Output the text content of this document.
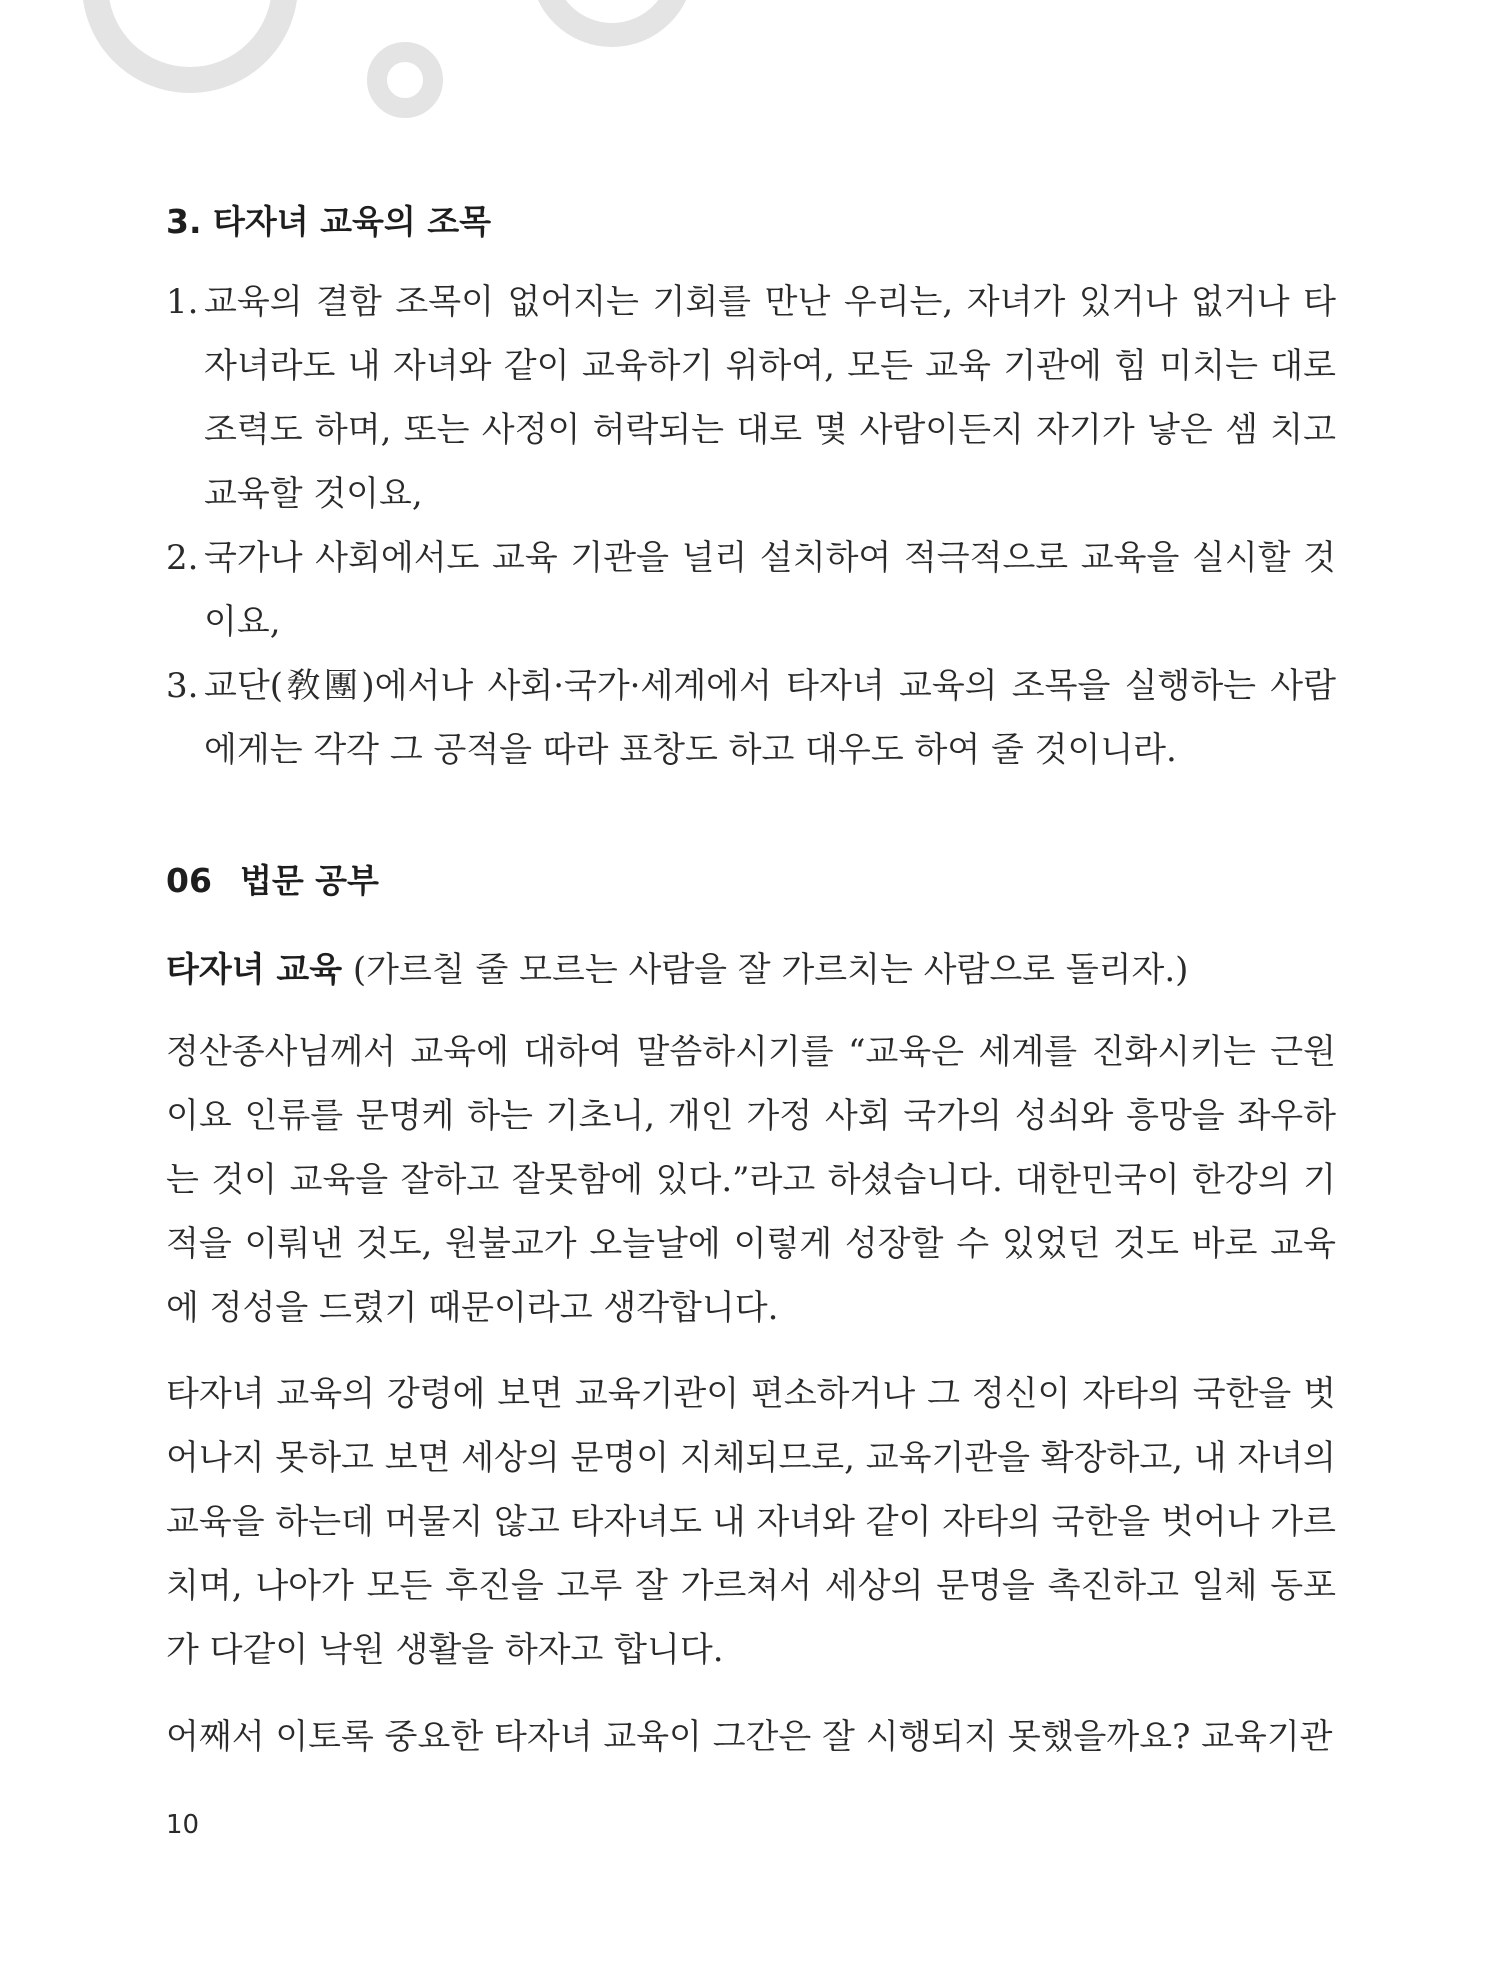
3. 타자녀 교육의 조목
1. 교육의 결함 조목이 없어지는 기회를 만난 우리는, 자녀가 있거나 없거나 타자녀라도 내 자녀와 같이 교육하기 위하여, 모든 교육 기관에 힘 미치는 대로 조력도 하며, 또는 사정이 허락되는 대로 몇 사람이든지 자기가 낳은 셈 치고 교육할 것이요,
2. 국가나 사회에서도 교육 기관을 널리 설치하여 적극적으로 교육을 실시할 것이요,
3. 교단(敎團)에서나 사회·국가·세계에서 타자녀 교육의 조목을 실행하는 사람에게는 각각 그 공적을 따라 표창도 하고 대우도 하여 줄 것이니라.
06 법문 공부

타자녀 교육 (가르칠 줄 모르는 사람을 잘 가르치는 사람으로 돌리자.)

정산종사님께서 교육에 대하여 말씀하시기를 “교육은 세계를 진화시키는 근원이요 인류를 문명케 하는 기초니, 개인 가정 사회 국가의 성쇠와 흥망을 좌우하는 것이 교육을 잘하고 잘못함에 있다.”라고 하셨습니다. 대한민국이 한강의 기적을 이뤄낸 것도, 원불교가 오늘날에 이렇게 성장할 수 있었던 것도 바로 교육에 정성을 드렸기 때문이라고 생각합니다.

타자녀 교육의 강령에 보면 교육기관이 편소하거나 그 정신이 자타의 국한을 벗어나지 못하고 보면 세상의 문명이 지체되므로, 교육기관을 확장하고, 내 자녀의 교육을 하는데 머물지 않고 타자녀도 내 자녀와 같이 자타의 국한을 벗어나 가르치며, 나아가 모든 후진을 고루 잘 가르쳐서 세상의 문명을 촉진하고 일체 동포가 다같이 낙원 생활을 하자고 합니다.

어째서 이토록 중요한 타자녀 교육이 그간은 잘 시행되지 못했을까요? 교육기관

10
